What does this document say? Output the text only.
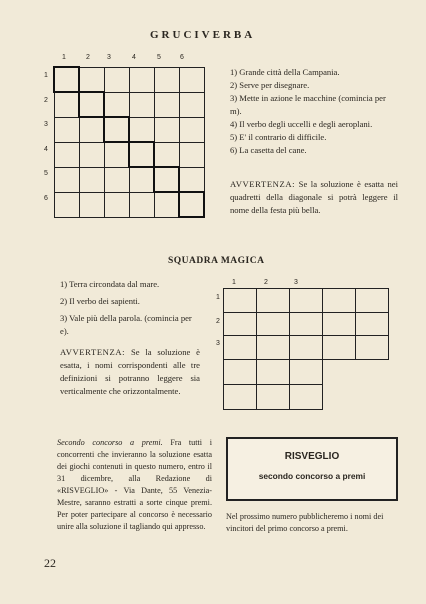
GRUCIVERBA
1	2 3	4	5	6
1
2
3
4
5
6

1) Grande città della Campania.

2) Serve per disegnare.

3) Mette in azione le macchine (comincia per m).

4) Il verbo degli uccelli e degli aeroplani.

5) E' il contrario di difficile.

6) La casetta del cane.

AVVERTENZA: Se la soluzione è esatta nei quadretti della diagonale si potrà leggere il nome della festa più bella.
SQUADRA MAGICA

1) Terra circondata dal mare.

2) Il verbo dei sapienti.

3) Vale più della parola. (comincia per e).

AVVERTENZA: Se la soluzione è esatta, i nomi corrispondenti alle tre definizioni si potranno leggere sia verticalmente che orizzontalmente.
1	2	3
1
2
3

Secondo concorso a premi. Fra tutti i concorrenti che invieranno la soluzione esatta dei giochi contenuti in questo numero, entro il 31 dicembre, alla Redazione di «RISVEGLIO» - Via Dante, 55 Venezia-Mestre, saranno estratti a sorte cinque premi. Per poter partecipare al concorso è necessario unire alla soluzione il tagliando qui appresso.
RISVEGLIO
secondo concorso a premi
Nel prossimo numero pubblicheremo i nomi dei vincitori del primo concorso a premi.
22
